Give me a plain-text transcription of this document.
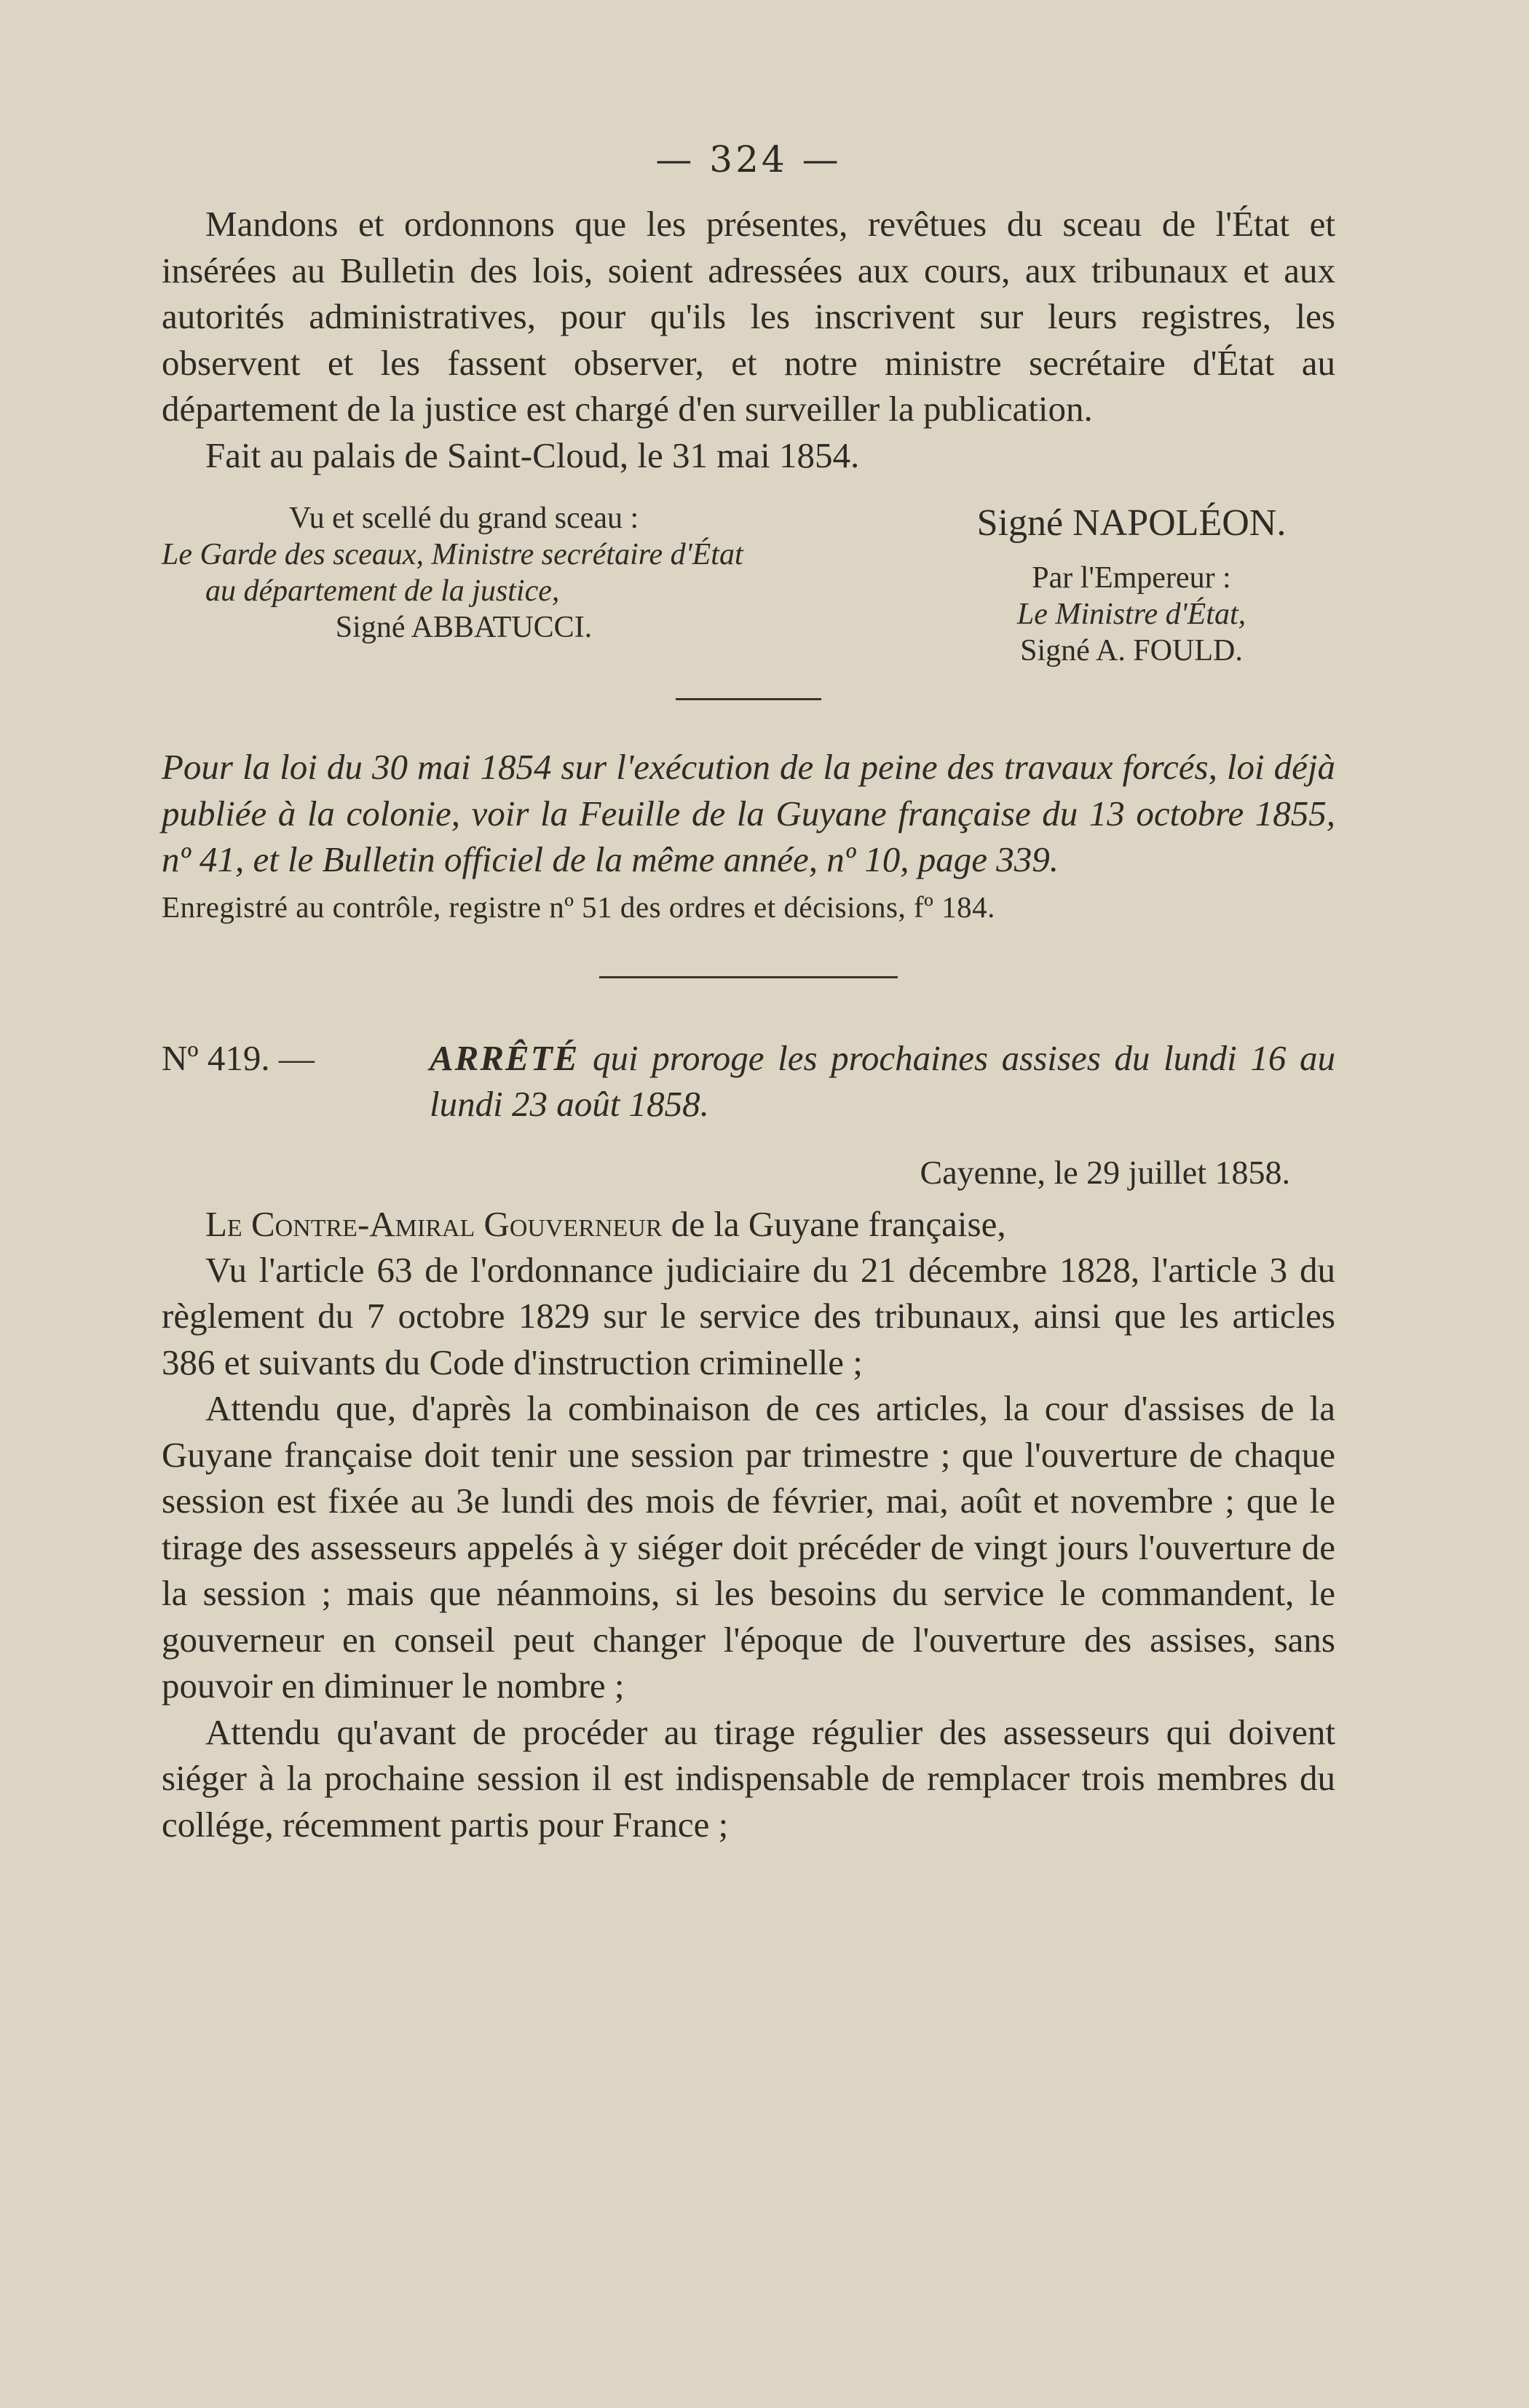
— 324 —

Mandons et ordonnons que les présentes, revêtues du sceau de l'État et insérées au Bulletin des lois, soient adressées aux cours, aux tribunaux et aux autorités administratives, pour qu'ils les inscrivent sur leurs registres, les observent et les fassent observer, et notre ministre secrétaire d'État au département de la justice est chargé d'en surveiller la publication.

Fait au palais de Saint-Cloud, le 31 mai 1854.

Vu et scellé du grand sceau :
Le Garde des sceaux, Ministre secrétaire d'État au département de la justice,
Signé ABBATUCCI.
Signé NAPOLÉON.
Par l'Empereur :
Le Ministre d'État,
Signé A. FOULD.

Pour la loi du 30 mai 1854 sur l'exécution de la peine des travaux forcés, loi déjà publiée à la colonie, voir la Feuille de la Guyane française du 13 octobre 1855, nº 41, et le Bulletin officiel de la même année, nº 10, page 339.

Enregistré au contrôle, registre nº 51 des ordres et décisions, fº 184.

Nº 419. —	ARRÊTÉ qui proroge les prochaines assises du lundi 16 au lundi 23 août 1858.
Cayenne, le 29 juillet 1858.
Le Contre-Amiral Gouverneur de la Guyane française,

Vu l'article 63 de l'ordonnance judiciaire du 21 décembre 1828, l'article 3 du règlement du 7 octobre 1829 sur le service des tribunaux, ainsi que les articles 386 et suivants du Code d'instruction criminelle ;

Attendu que, d'après la combinaison de ces articles, la cour d'assises de la Guyane française doit tenir une session par trimestre ; que l'ouverture de chaque session est fixée au 3e lundi des mois de février, mai, août et novembre ; que le tirage des assesseurs appelés à y siéger doit précéder de vingt jours l'ouverture de la session ; mais que néanmoins, si les besoins du service le commandent, le gouverneur en conseil peut changer l'époque de l'ouverture des assises, sans pouvoir en diminuer le nombre ;

Attendu qu'avant de procéder au tirage régulier des assesseurs qui doivent siéger à la prochaine session il est indispensable de remplacer trois membres du collége, récemment partis pour France ;
